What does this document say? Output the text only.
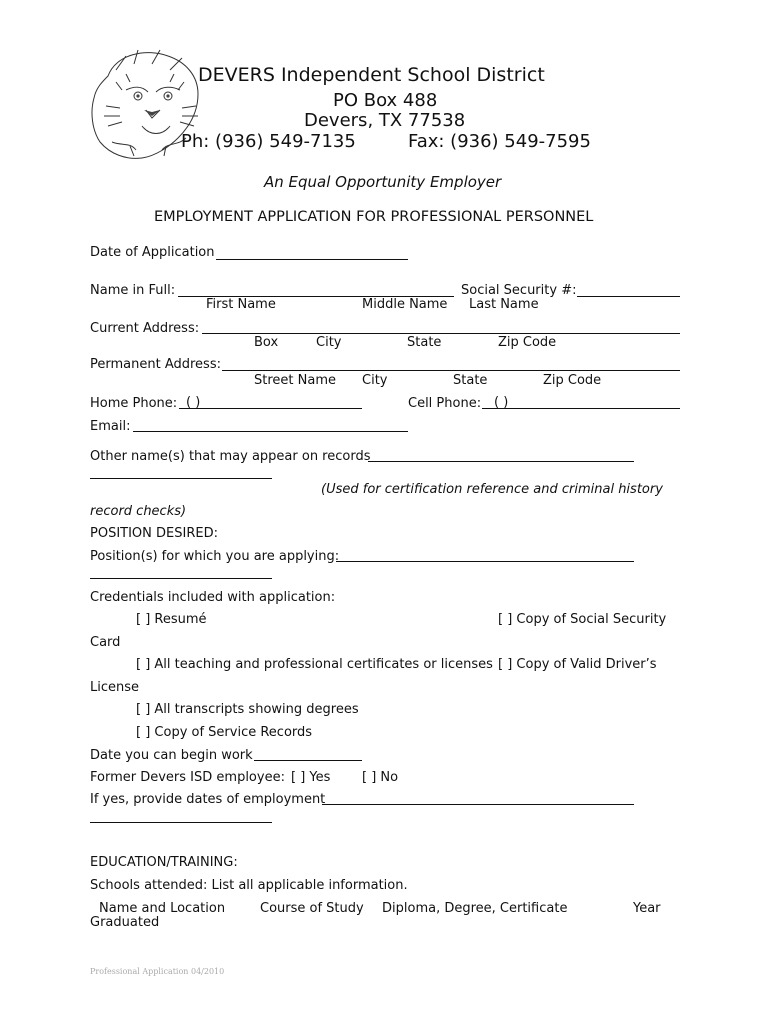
DEVERS Independent School District
PO Box 488
Devers, TX 77538
Ph: (936) 549-7135	Fax: (936) 549-7595
An Equal Opportunity Employer
EMPLOYMENT APPLICATION FOR PROFESSIONAL PERSONNEL
Date of Application
Name in Full:	Social Security #:
First Name	Middle Name Last Name
Current Address:
Box	City	State	Zip Code
Permanent Address:
Street Name City	State	Zip Code
Home Phone: ( )	Cell Phone: ( )
Email:
Other name(s) that may appear on records
(Used for certification reference and criminal history
record checks)
POSITION DESIRED:
Position(s) for which you are applying:
Credentials included with application:
[ ] Resumé	[ ] Copy of Social Security
Card
[ ] All teaching and professional certificates or licenses [ ] Copy of Valid Driver’s
License
[ ] All transcripts showing degrees
[ ] Copy of Service Records
Date you can begin work
Former Devers ISD employee: [ ] Yes [ ] No
If yes, provide dates of employment
EDUCATION/TRAINING:
Schools attended: List all applicable information.
Name and Location	Course of Study Diploma, Degree, Certificate	Year
Graduated
Professional Application 04/2010
